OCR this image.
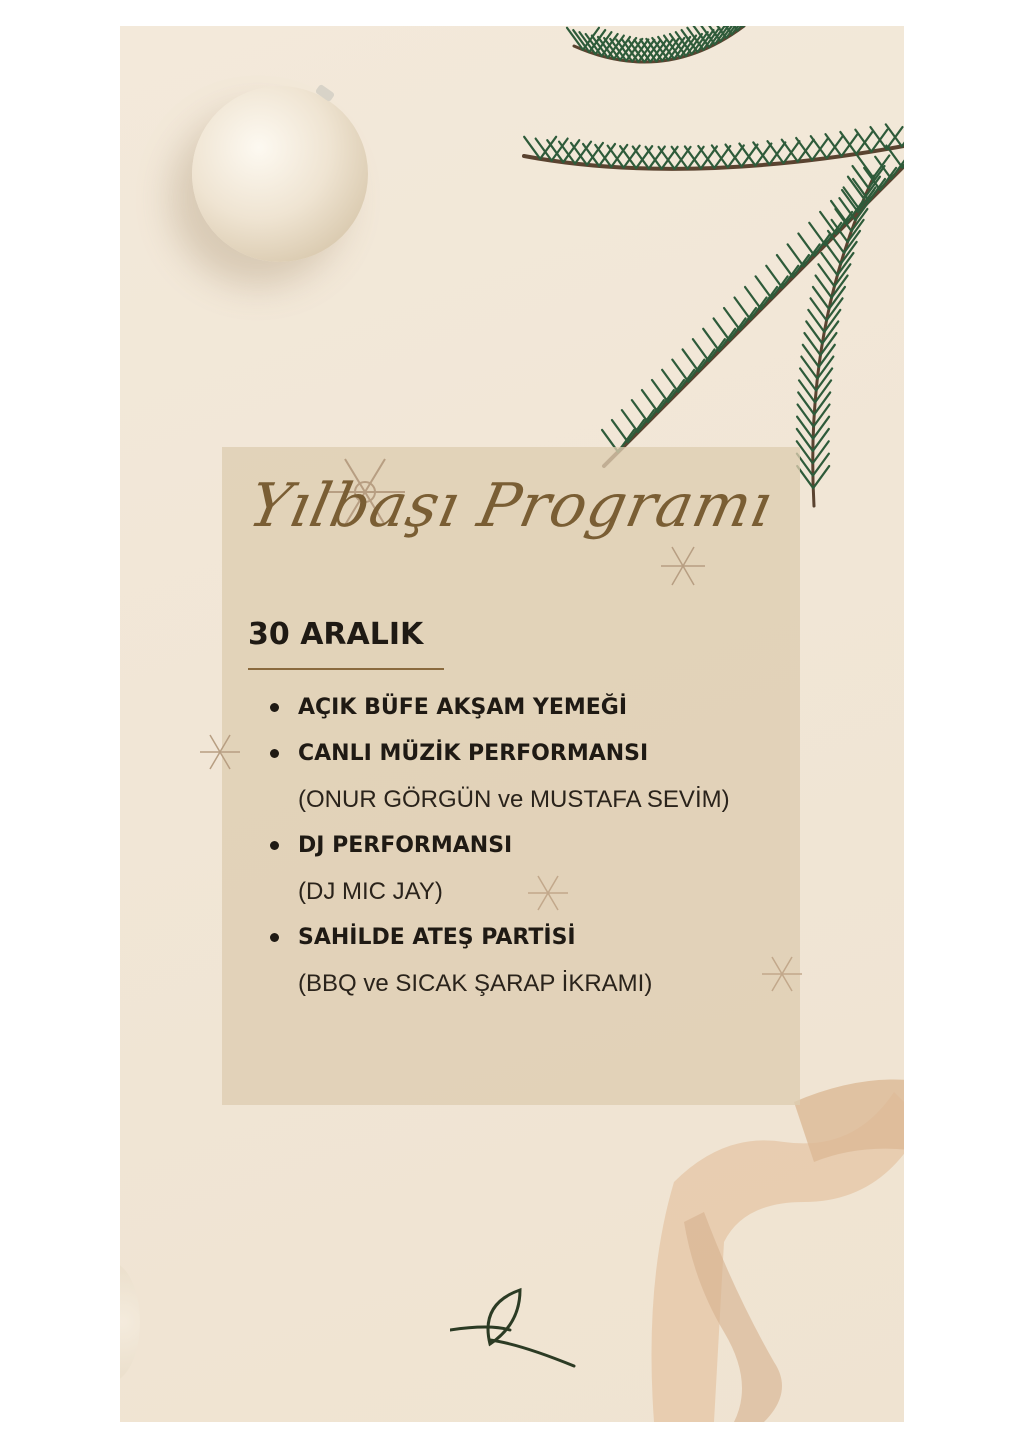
Yılbaşı Programı
30 ARALIK
AÇIK BÜFE AKŞAM YEMEĞİ
CANLI MÜZİK PERFORMANSI
(ONUR GÖRGÜN ve MUSTAFA SEVİM)
DJ PERFORMANSI
(DJ MIC JAY)
SAHİLDE ATEŞ PARTİSİ
(BBQ ve SICAK ŞARAP İKRAMI)
